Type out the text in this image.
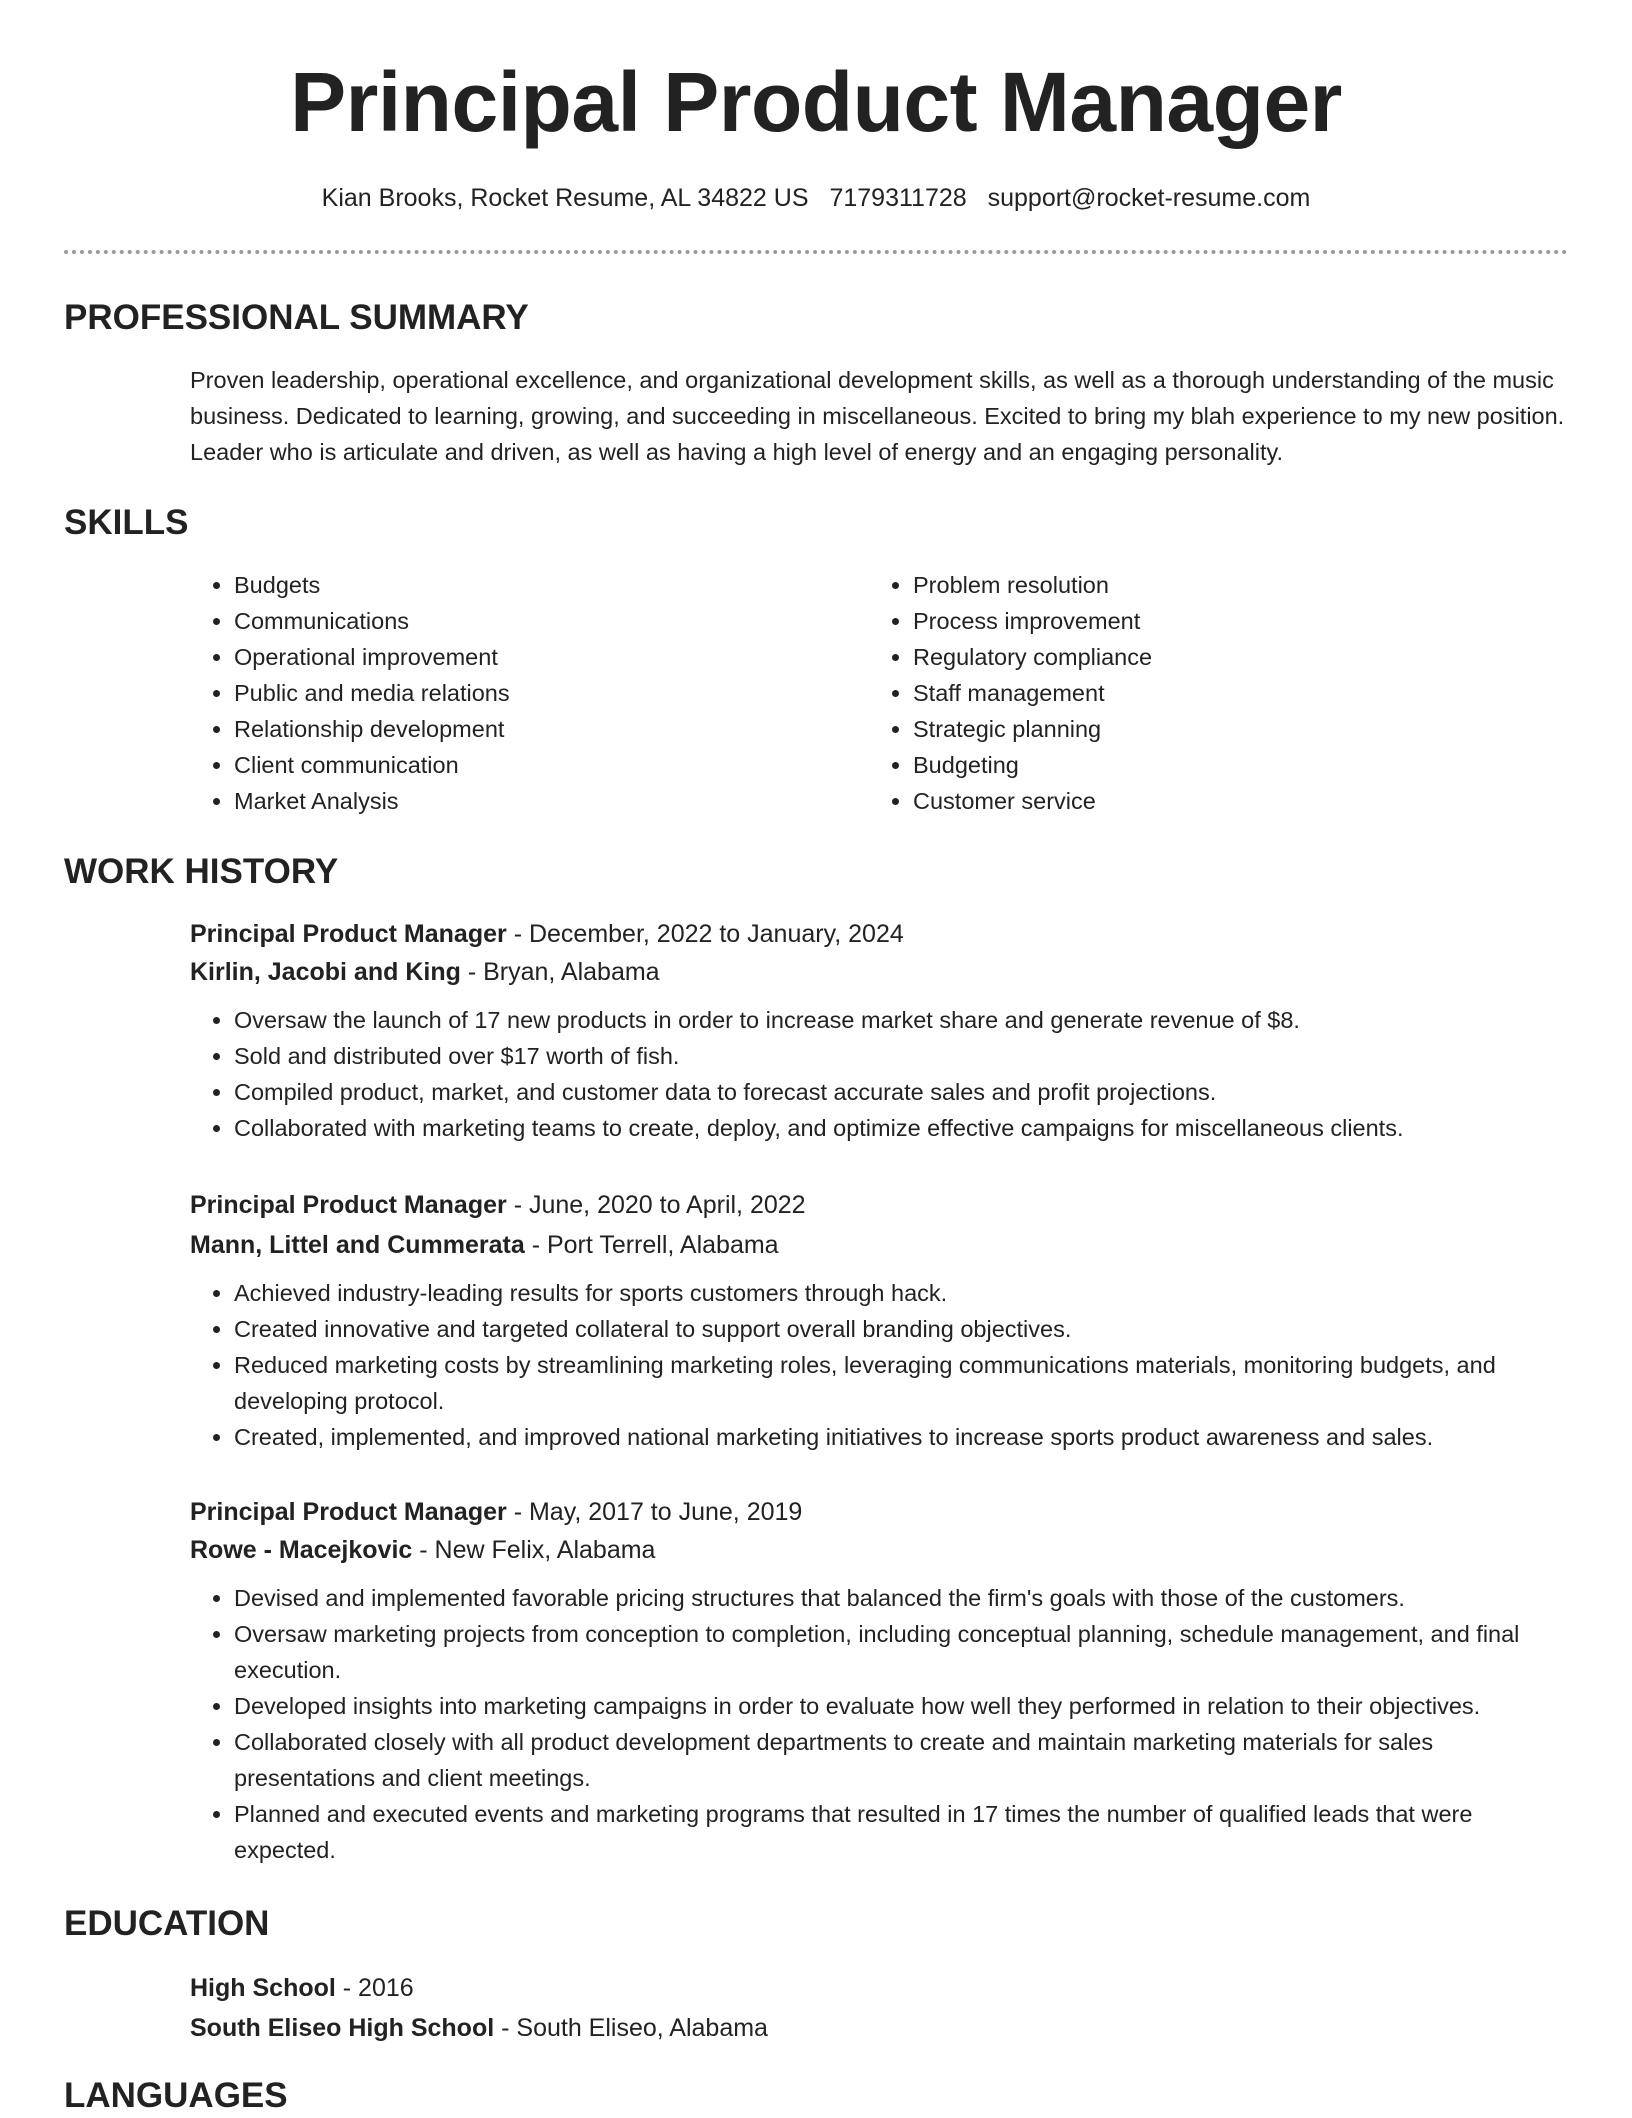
Principal Product Manager
Kian Brooks, Rocket Resume, AL 34822 US 7179311728 support@rocket-resume.com
PROFESSIONAL SUMMARY

Proven leadership, operational excellence, and organizational development skills, as well as a thorough understanding of the music business. Dedicated to learning, growing, and succeeding in miscellaneous. Excited to bring my blah experience to my new position. Leader who is articulate and driven, as well as having a high level of energy and an engaging personality.

SKILLS
• Budgets
• Communications
• Operational improvement
• Public and media relations
• Relationship development
• Client communication
• Market Analysis
• Problem resolution
• Process improvement
• Regulatory compliance
• Staff management
• Strategic planning
• Budgeting
• Customer service
WORK HISTORY

Principal Product Manager - December, 2022 to January, 2024

Kirlin, Jacobi and King - Bryan, Alabama

• Oversaw the launch of 17 new products in order to increase market share and generate revenue of $8.
• Sold and distributed over $17 worth of fish.
• Compiled product, market, and customer data to forecast accurate sales and profit projections.
• Collaborated with marketing teams to create, deploy, and optimize effective campaigns for miscellaneous clients.

Principal Product Manager - June, 2020 to April, 2022

Mann, Littel and Cummerata - Port Terrell, Alabama

• Achieved industry-leading results for sports customers through hack.
• Created innovative and targeted collateral to support overall branding objectives.
• Reduced marketing costs by streamlining marketing roles, leveraging communications materials, monitoring budgets, and developing protocol.
• Created, implemented, and improved national marketing initiatives to increase sports product awareness and sales.

Principal Product Manager - May, 2017 to June, 2019

Rowe - Macejkovic - New Felix, Alabama

• Devised and implemented favorable pricing structures that balanced the firm's goals with those of the customers.
• Oversaw marketing projects from conception to completion, including conceptual planning, schedule management, and final execution.
• Developed insights into marketing campaigns in order to evaluate how well they performed in relation to their objectives.
• Collaborated closely with all product development departments to create and maintain marketing materials for sales presentations and client meetings.
• Planned and executed events and marketing programs that resulted in 17 times the number of qualified leads that were expected.
EDUCATION

High School - 2016

South Eliseo High School - South Eliseo, Alabama

LANGUAGES
